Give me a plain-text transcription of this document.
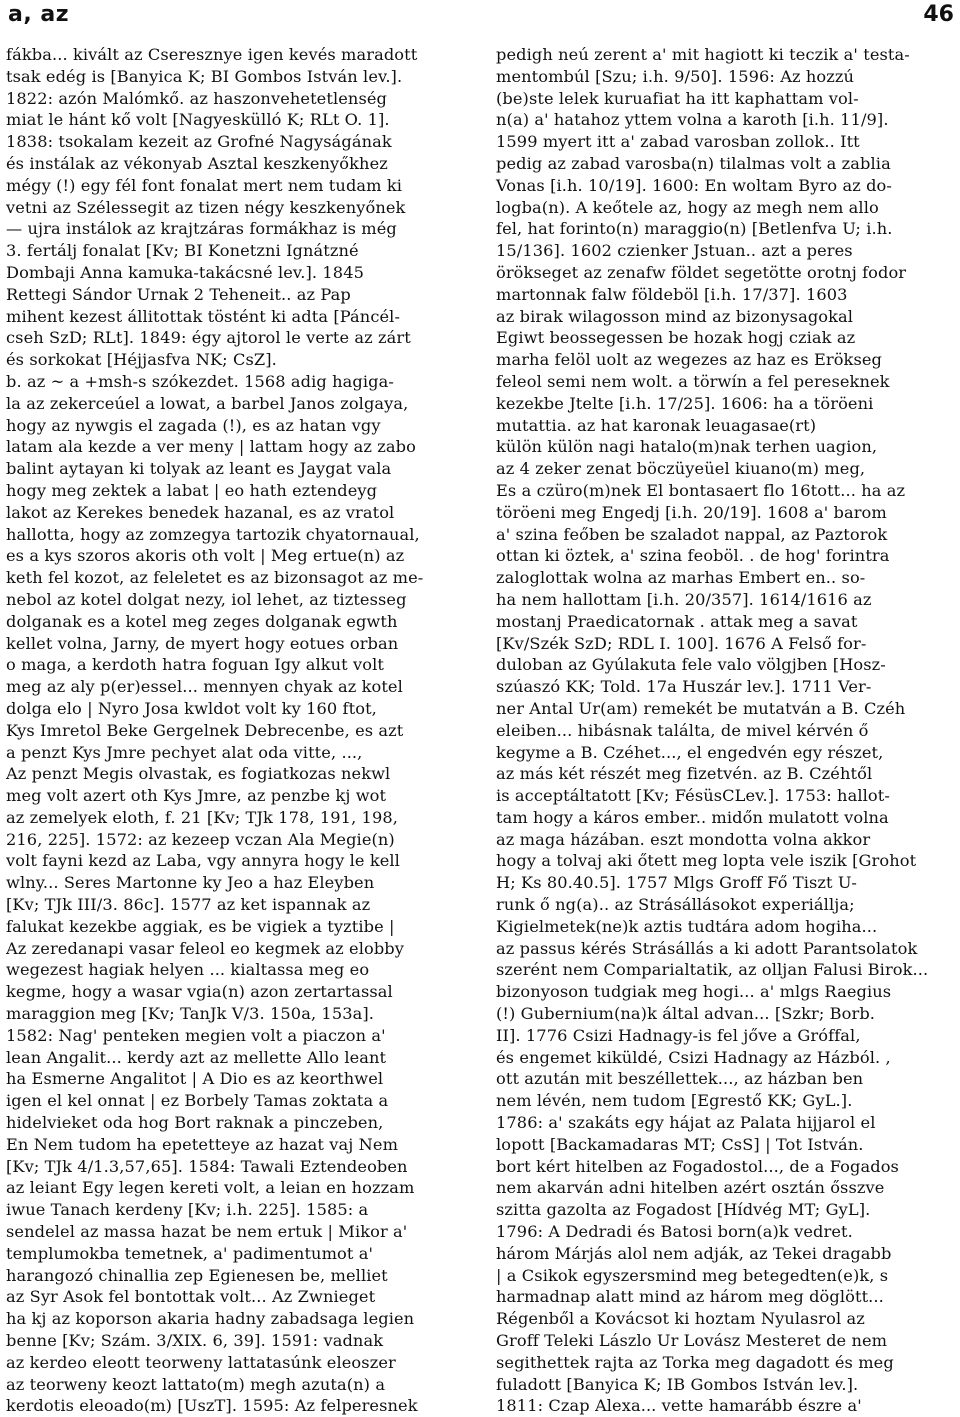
a, az	46
fákba... kivált az Cseresznye igen kevés maradott
tsak edég is [Banyica K; BI Gombos István lev.].
1822: azón Malómkő. az haszonvehetetlenség
miat le hánt kő volt [Nagyeskülló K; RLt O. 1].
1838: tsokalam kezeit az Grofné Nagyságának
és instálak az vékonyab Asztal keszkenyőkhez
mégy (!) egy fél font fonalat mert nem tudam ki
vetni az Szélessegit az tizen négy keszkenyőnek
— ujra instálok az krajtzáras formákhaz is még
3. fertálj fonalat [Kv; BI Konetzni Ignátzné
Dombaji Anna kamuka-takácsné lev.]. 1845
Rettegi Sándor Urnak 2 Teheneit.. az Pap
mihent kezest állitottak töstént ki adta [Páncél-
cseh SzD; RLt]. 1849: égy ajtorol le verte az zárt
és sorkokat [Héjjasfva NK; CsZ].
b. az ~ a +msh-s szókezdet. 1568 adig hagiga-
la az zekerceúel a lowat, a barbel Janos zolgaya,
hogy az nywgis el zagada (!), es az hatan vgy
latam ala kezde a ver meny | lattam hogy az zabo
balint aytayan ki tolyak az leant es Jaygat vala
hogy meg zektek a labat | eo hath eztendeyg
lakot az Kerekes benedek hazanal, es az vratol
hallotta, hogy az zomzegya tartozik chyatornaual,
es a kys szoros akoris oth volt | Meg ertue(n) az
keth fel kozot, az feleletet es az bizonsagot az me-
nebol az kotel dolgat nezy, iol lehet, az tiztesseg
dolganak es a kotel meg zeges dolganak egwth
kellet volna, Jarny, de myert hogy eotues orban
o maga, a kerdoth hatra foguan Igy alkut volt
meg az aly p(er)essel... mennyen chyak az kotel
dolga elo | Nyro Josa kwldot volt ky 160 ftot,
Kys Imretol Beke Gergelnek Debrecenbe, es azt
a penzt Kys Jmre pechyet alat oda vitte, ...,
Az penzt Megis olvastak, es fogiatkozas nekwl
meg volt azert oth Kys Jmre, az penzbe kj wot
az zemelyek eloth, f. 21 [Kv; TJk 178, 191, 198,
216, 225]. 1572: az kezeep vczan Ala Megie(n)
volt fayni kezd az Laba, vgy annyra hogy le kell
wlny... Seres Martonne ky Jeo a haz Eleyben
[Kv; TJk III/3. 86c]. 1577 az ket ispannak az
falukat kezekbe aggiak, es be vigiek a tyztibe |
Az zeredanapi vasar feleol eo kegmek az elobby
wegezest hagiak helyen ... kialtassa meg eo
kegme, hogy a wasar vgia(n) azon zertartassal
maraggion meg [Kv; TanJk V/3. 150a, 153a].
1582: Nag' penteken megien volt a piaczon a'
lean Angalit... kerdy azt az mellette Allo leant
ha Esmerne Angalitot | A Dio es az keorthwel
igen el kel onnat | ez Borbely Tamas zoktata a
hidelvieket oda hog Bort raknak a pinczeben,
En Nem tudom ha epetetteye az hazat vaj Nem
[Kv; TJk 4/1.3,57,65]. 1584: Tawali Eztendeoben
az leiant Egy legen kereti volt, a leian en hozzam
iwue Tanach kerdeny [Kv; i.h. 225]. 1585: a
sendelel az massa hazat be nem ertuk | Mikor a'
templumokba temetnek, a' padimentumot a'
harangozó chinallia zep Egienesen be, melliet
az Syr Asok fel bontottak volt... Az Zwnieget
ha kj az koporson akaria hadny zabadsaga legien
benne [Kv; Szám. 3/XIX. 6, 39]. 1591: vadnak
az kerdeo eleott teorweny lattatasúnk eleoszer
az teorweny keozt lattato(m) megh azuta(n) a
kerdotis eleoado(m) [UszT]. 1595: Az felperesnek
pedigh neú zerent a' mit hagiott ki teczik a' testa-
mentombúl [Szu; i.h. 9/50]. 1596: Az hozzú
(be)ste lelek kuruafiat ha itt kaphattam vol-
n(a) a' hatahoz yttem volna a karoth [i.h. 11/9].
1599 myert itt a' zabad varosban zollok.. Itt
pedig az zabad varosba(n) tilalmas volt a zablia
Vonas [i.h. 10/19]. 1600: En woltam Byro az do-
logba(n). A keőtele az, hogy az megh nem allo
fel, hat forinto(n) maraggio(n) [Betlenfva U; i.h.
15/136]. 1602 czienker Jstuan.. azt a peres
örökseget az zenafw földet segetötte orotnj fodor
martonnak falw földeböl [i.h. 17/37]. 1603
az birak wilagosson mind az bizonysagokal
Egiwt beossegessen be hozak hogj cziak az
marha felöl uolt az wegezes az haz es Erökseg
feleol semi nem wolt. a törwín a fel pereseknek
kezekbe Jtelte [i.h. 17/25]. 1606: ha a töröeni
mutattia. az hat karonak leuagasae(rt)
külön külön nagi hatalo(m)nak terhen uagion,
az 4 zeker zenat böczüyeüel kiuano(m) meg,
Es a czüro(m)nek El bontasaert flo 16tott... ha az
töröeni meg Engedj [i.h. 20/19]. 1608 a' barom
a' szina feőben be szaladot nappal, az Paztorok
ottan ki öztek, a' szina feoböl. . de hog' forintra
zaloglottak wolna az marhas Embert en.. so-
ha nem hallottam [i.h. 20/357]. 1614/1616 az
mostanj Praedicatornak . attak meg a savat
[Kv/Szék SzD; RDL I. 100]. 1676 A Felső for-
duloban az Gyúlakuta fele valo völgjben [Hosz-
szúaszó KK; Told. 17a Huszár lev.]. 1711 Ver-
ner Antal Ur(am) remekét be mutatván a B. Czéh
eleiben... hibásnak találta, de mivel kérvén ő
kegyme a B. Czéhet..., el engedvén egy részet,
az más két részét meg fizetvén. az B. Czéhtől
is acceptáltatott [Kv; FésüsCLev.]. 1753: hallot-
tam hogy a káros ember.. midőn mulatott volna
az maga házában. eszt mondotta volna akkor
hogy a tolvaj aki őtett meg lopta vele iszik [Grohot
H; Ks 80.40.5]. 1757 Mlgs Groff Fő Tiszt U-
runk ő ng(a).. az Strásállásokot experiállja;
Kigielmetek(ne)k aztis tudtára adom hogiha...
az passus kérés Strásállás a ki adott Parantsolatok
szerént nem Comparialtatik, az olljan Falusi Birok...
bizonyoson tudgiak meg hogi... a' mlgs Raegius
(!) Gubernium(na)k által advan... [Szkr; Borb.
II]. 1776 Csizi Hadnagy-is fel jőve a Gróffal,
és engemet kiküldé, Csizi Hadnagy az Házból. ,
ott azután mit beszéllettek..., az házban ben
nem lévén, nem tudom [Egrestő KK; GyL.].
1786: a' szakáts egy hájat az Palata hijjarol el
lopott [Backamadaras MT; CsS] | Tot István.
bort kért hitelben az Fogadostol..., de a Fogados
nem akarván adni hitelben azért osztán ősszve
szitta gazolta az Fogadost [Hídvég MT; GyL].
1796: A Dedradi és Batosi born(a)k vedret.
három Márjás alol nem adják, az Tekei dragabb
| a Csikok egyszersmind meg betegedten(e)k, s
harmadnap alatt mind az három meg döglött...
Régenből a Kovácsot ki hoztam Nyulasrol az
Groff Teleki Lászlo Ur Lovász Mesteret de nem
segithettek rajta az Torka meg dagadott és meg
fuladott [Banyica K; IB Gombos István lev.].
1811: Czap Alexa... vette hamarább észre a'
